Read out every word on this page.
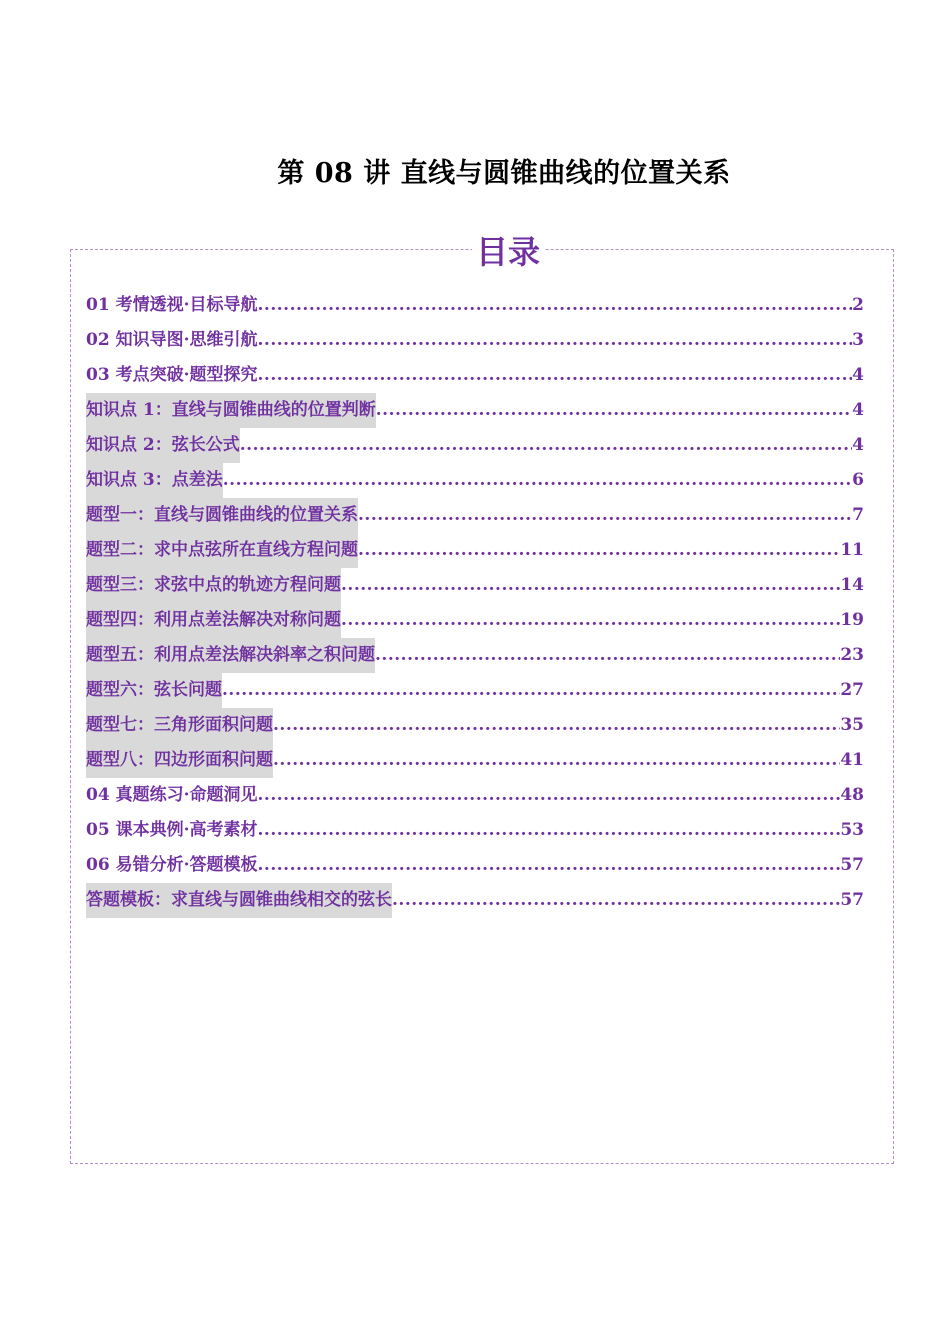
第 08 讲 直线与圆锥曲线的位置关系
目录
01 考情透视·目标导航 .....	2
02 知识导图·思维引航 .....	3
03 考点突破·题型探究 .....	4
知识点 1：直线与圆锥曲线的位置判断 .....	4
知识点 2：弦长公式 .....	4
知识点 3：点差法 .....	6
题型一：直线与圆锥曲线的位置关系 .....	7
题型二：求中点弦所在直线方程问题 .....	11
题型三：求弦中点的轨迹方程问题 .....	14
题型四：利用点差法解决对称问题 .....	19
题型五：利用点差法解决斜率之积问题 .....	23
题型六：弦长问题 .....	27
题型七：三角形面积问题 .....	35
题型八：四边形面积问题 .....	41
04 真题练习·命题洞见 .....	48
05 课本典例·高考素材 .....	53
06 易错分析·答题模板 .....	57
答题模板：求直线与圆锥曲线相交的弦长 .....	57
